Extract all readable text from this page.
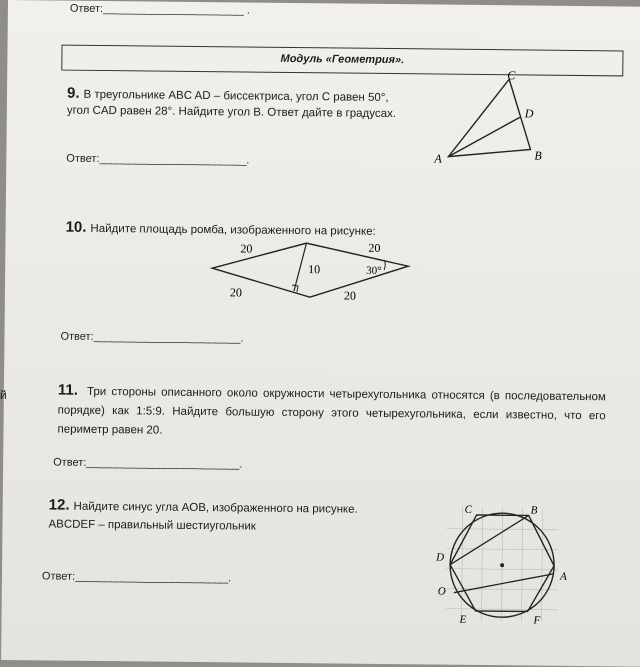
Ответ:_______________________ .
Модуль «Геометрия».
9. В треугольнике ABC AD – биссектриса, угол C равен 50°,
угол CAD равен 28°. Найдите угол B. Ответ дайте в градусах.
Ответ:________________________.
C
D
A	B
10. Найдите площадь ромба, изображенного на рисунке:
20	20
10	30°
20	20
Ответ:________________________.
11. Три стороны описанного около окружности четырехугольника относятся (в последовательном порядке) как 1:5:9. Найдите большую сторону этого четырехугольника, если известно, что его периметр равен 20.
Ответ:_________________________.
12. Найдите синус угла AOB, изображенного на рисунке.
ABCDEF – правильный шестиугольник
Ответ:_________________________.
C	B
D
A
O
E	F
й
